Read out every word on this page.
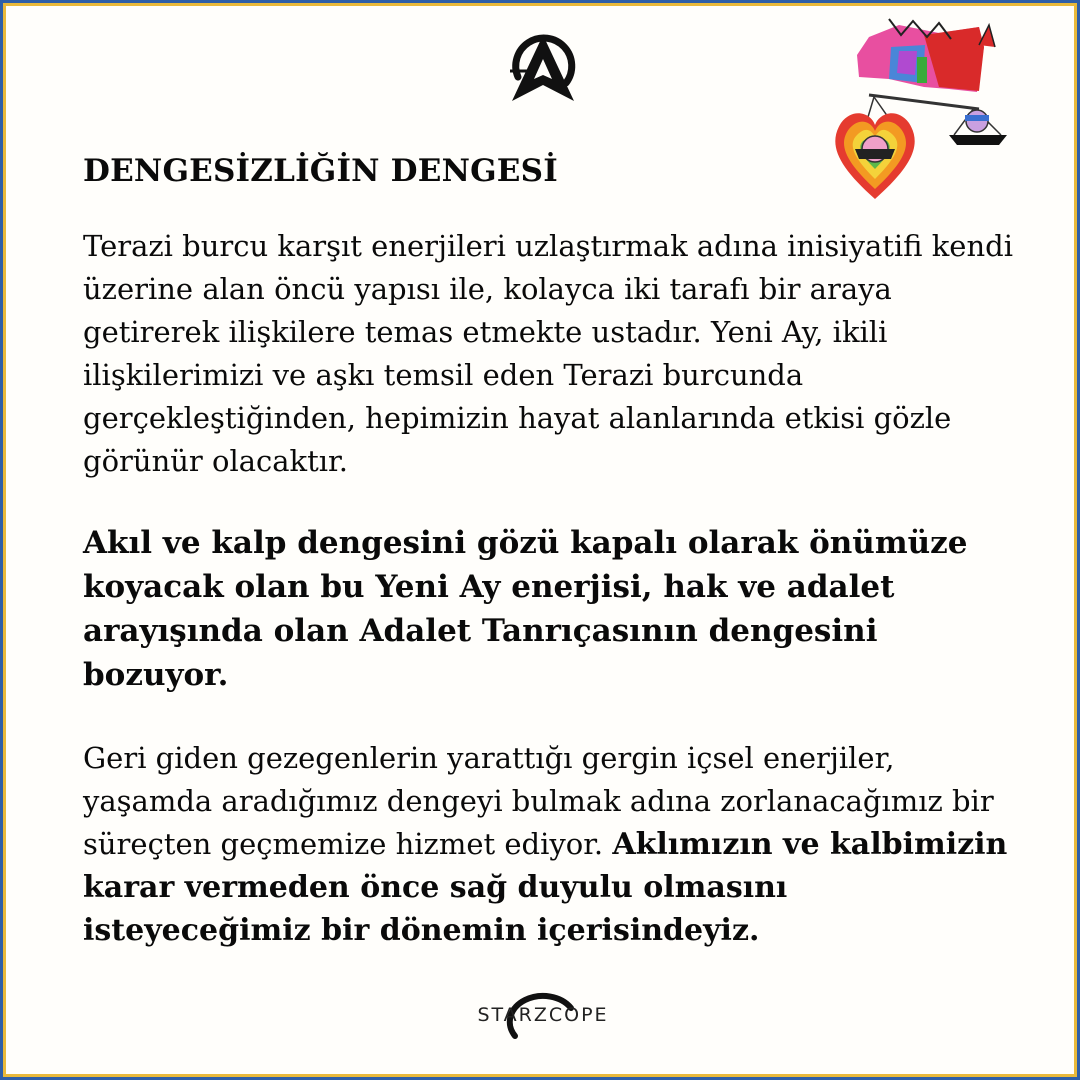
DENGESİZLİĞİN DENGESİ

Terazi burcu karşıt enerjileri uzlaştırmak adına inisiyatifi kendi üzerine alan öncü yapısı ile, kolayca iki tarafı bir araya getirerek ilişkilere temas etmekte ustadır. Yeni Ay, ikili ilişkilerimizi ve aşkı temsil eden Terazi burcunda gerçekleştiğinden, hepimizin hayat alanlarında etkisi gözle görünür olacaktır.

Akıl ve kalp dengesini gözü kapalı olarak önümüze koyacak olan bu Yeni Ay enerjisi, hak ve adalet arayışında olan Adalet Tanrıçasının dengesini bozuyor.

Geri giden gezegenlerin yarattığı gergin içsel enerjiler, yaşamda aradığımız dengeyi bulmak adına zorlanacağımız bir süreçten geçmemize hizmet ediyor. Aklımızın ve kalbimizin karar vermeden önce sağ duyulu olmasını isteyeceğimiz bir dönemin içerisindeyiz.

STARZCOPE
